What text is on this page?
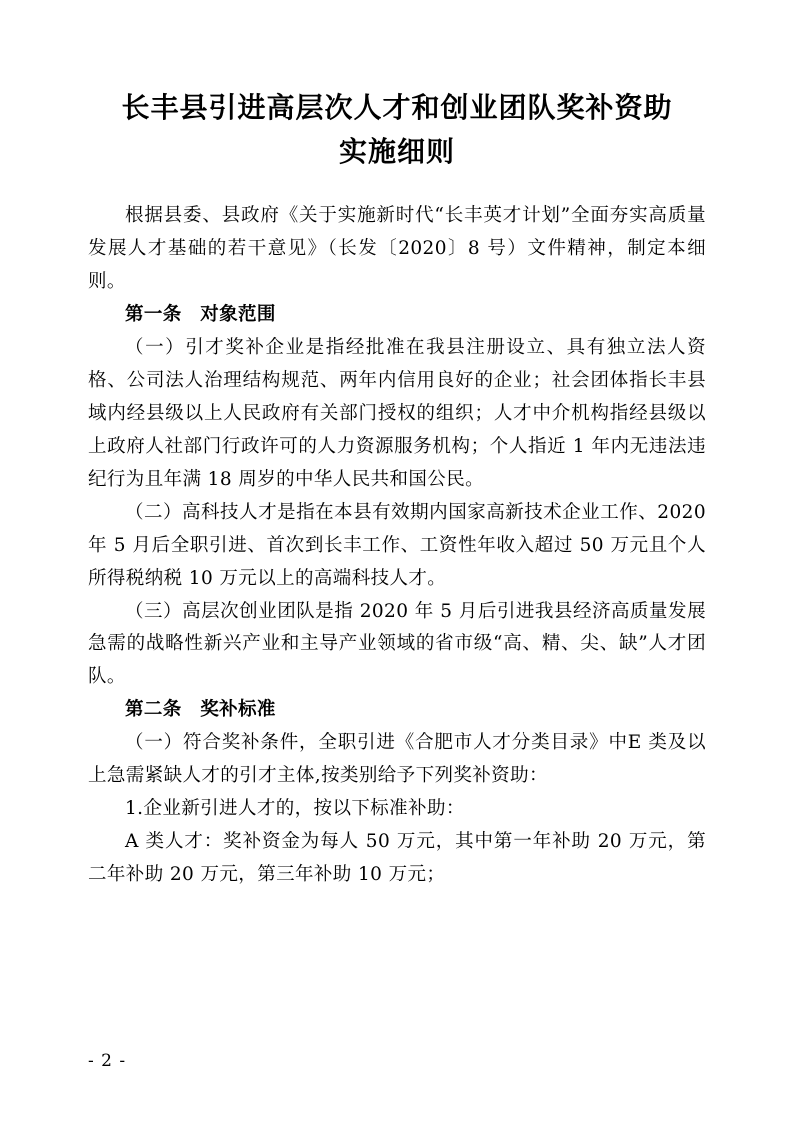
长丰县引进高层次人才和创业团队奖补资助
实施细则

根据县委、县政府《关于实施新时代“长丰英才计划”全面夯实高质量发展人才基础的若干意见》（长发〔2020〕8 号）文件精神，制定本细则。

第一条 对象范围

（一）引才奖补企业是指经批准在我县注册设立、具有独立法人资格、公司法人治理结构规范、两年内信用良好的企业；社会团体指长丰县域内经县级以上人民政府有关部门授权的组织；人才中介机构指经县级以上政府人社部门行政许可的人力资源服务机构；个人指近 1 年内无违法违纪行为且年满 18 周岁的中华人民共和国公民。

（二）高科技人才是指在本县有效期内国家高新技术企业工作、2020 年 5 月后全职引进、首次到长丰工作、工资性年收入超过 50 万元且个人所得税纳税 10 万元以上的高端科技人才。

（三）高层次创业团队是指 2020 年 5 月后引进我县经济高质量发展急需的战略性新兴产业和主导产业领域的省市级“高、精、尖、缺”人才团队。

第二条 奖补标准

（一）符合奖补条件，全职引进《合肥市人才分类目录》中E 类及以上急需紧缺人才的引才主体,按类别给予下列奖补资助：

1.企业新引进人才的，按以下标准补助：

A 类人才：奖补资金为每人 50 万元，其中第一年补助 20 万元，第二年补助 20 万元，第三年补助 10 万元；

- 2 -
